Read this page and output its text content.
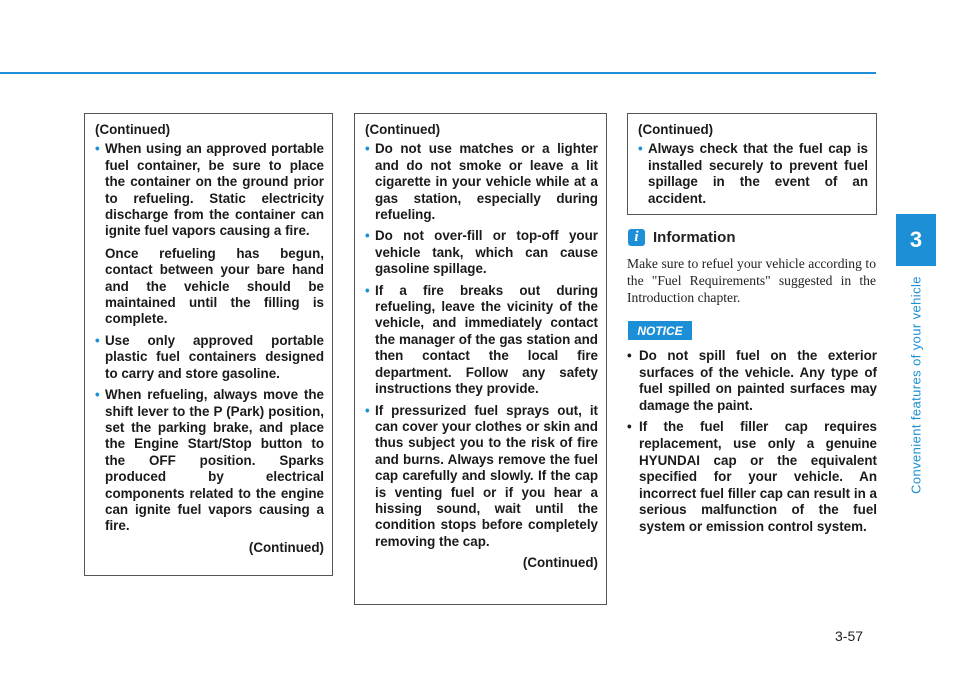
3
Convenient features of your vehicle
(Continued)
• When using an approved portable fuel container, be sure to place the container on the ground prior to refueling. Static electricity discharge from the container can ignite fuel vapors causing a fire.

Once refueling has begun, contact between your bare hand and the vehicle should be maintained until the filling is complete.

• Use only approved portable plastic fuel containers designed to carry and store gasoline.
• When refueling, always move the shift lever to the P (Park) position, set the parking brake, and place the Engine Start/Stop button to the OFF position. Sparks produced by electrical components related to the engine can ignite fuel vapors causing a fire.
(Continued)
(Continued)
• Do not use matches or a lighter and do not smoke or leave a lit cigarette in your vehicle while at a gas station, especially during refueling.
• Do not over-fill or top-off your vehicle tank, which can cause gasoline spillage.
• If a fire breaks out during refueling, leave the vicinity of the vehicle, and immediately contact the manager of the gas station and then contact the local fire department. Follow any safety instructions they provide.
• If pressurized fuel sprays out, it can cover your clothes or skin and thus subject you to the risk of fire and burns. Always remove the fuel cap carefully and slowly. If the cap is venting fuel or if you hear a hissing sound, wait until the condition stops before completely removing the cap.
(Continued)
(Continued)
• Always check that the fuel cap is installed securely to prevent fuel spillage in the event of an accident.
i Information
Make sure to refuel your vehicle according to the "Fuel Requirements" suggested in the Introduction chapter.
NOTICE
• Do not spill fuel on the exterior surfaces of the vehicle. Any type of fuel spilled on painted surfaces may damage the paint.
• If the fuel filler cap requires replacement, use only a genuine HYUNDAI cap or the equivalent specified for your vehicle. An incorrect fuel filler cap can result in a serious malfunction of the fuel system or emission control system.
3-57
